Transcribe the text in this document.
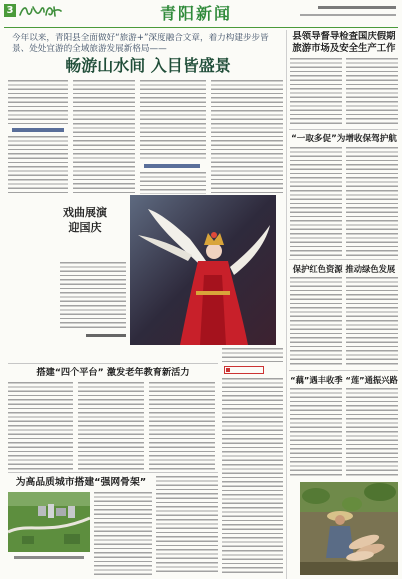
3	青阳新闻
今年以来，青阳县全面做好“旅游+”深度融合文章，着力构建步步皆景、处处宜游的全域旅游发展新格局——
畅游山水间 入目皆盛景
戏曲展演
迎国庆
搭建“四个平台” 激发老年教育新活力
为高品质城市搭建“强网骨架”
县领导督导检查国庆假期旅游市场及安全生产工作
“一取多促”为增收保驾护航
保护红色资源 推动绿色发展
“藕”遇丰收季 “莲”通振兴路
